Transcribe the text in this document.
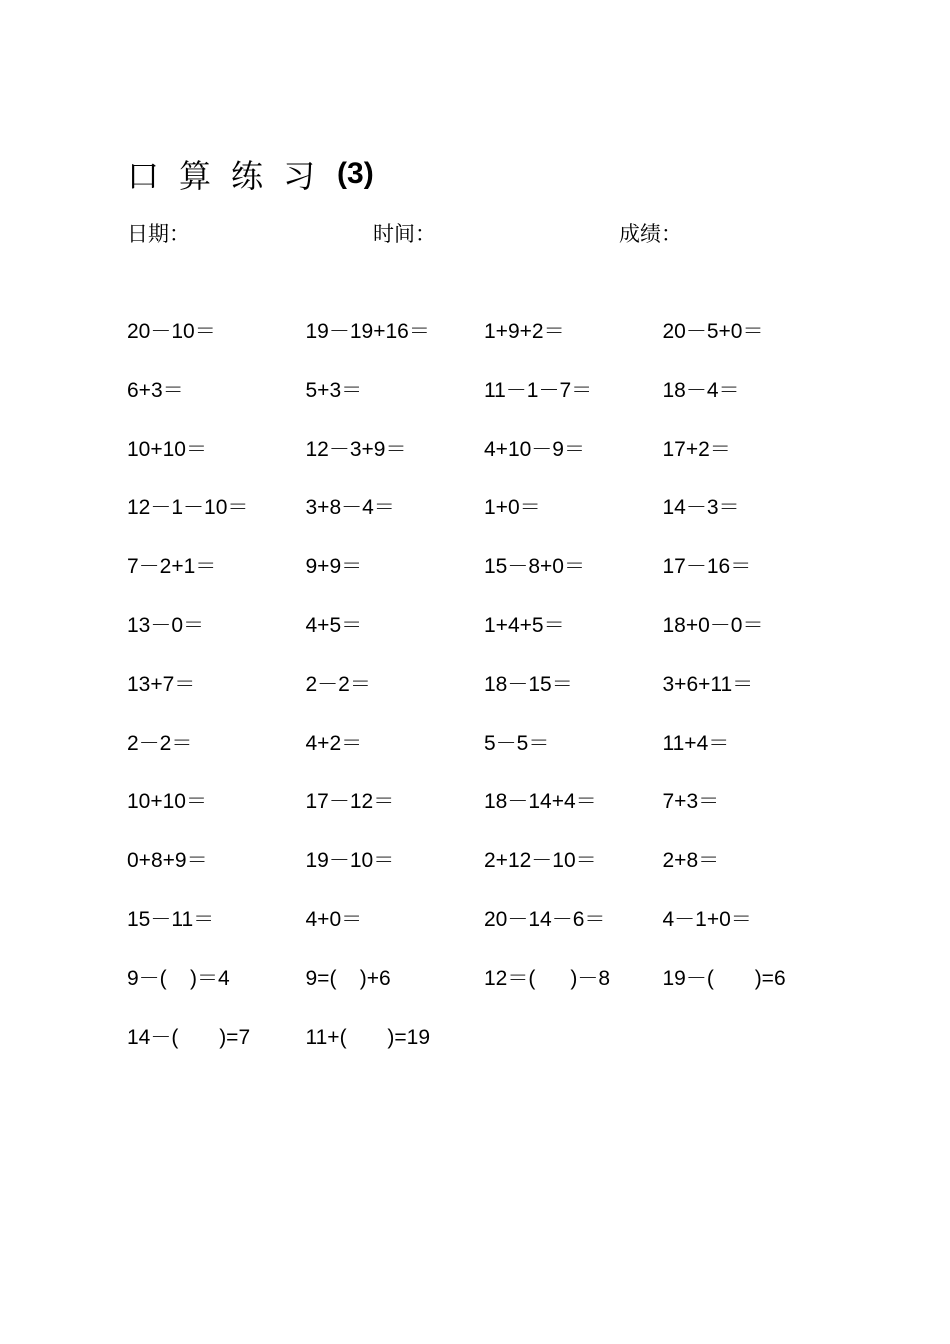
口算练习 (3)
日期：	时间：	成绩：
20－10＝	19－19+16＝	1+9+2＝	20－5+0＝
6+3＝	5+3＝	11－1－7＝	18－4＝
10+10＝	12－3+9＝	4+10－9＝	17+2＝
12－1－10＝	3+8－4＝	1+0＝	14－3＝
7－2+1＝	9+9＝	15－8+0＝	17－16＝
13－0＝	4+5＝	1+4+5＝	18+0－0＝
13+7＝	2－2＝	18－15＝	3+6+11＝
2－2＝	4+2＝	5－5＝	11+4＝
10+10＝	17－12＝	18－14+4＝	7+3＝
0+8+9＝	19－10＝	2+12－10＝	2+8＝
15－11＝	4+0＝	20－14－6＝	4－1+0＝
9－(    )＝4	9=(    )+6	12＝(      )－8	19－(       )=6
14－(       )=7	11+(       )=19
